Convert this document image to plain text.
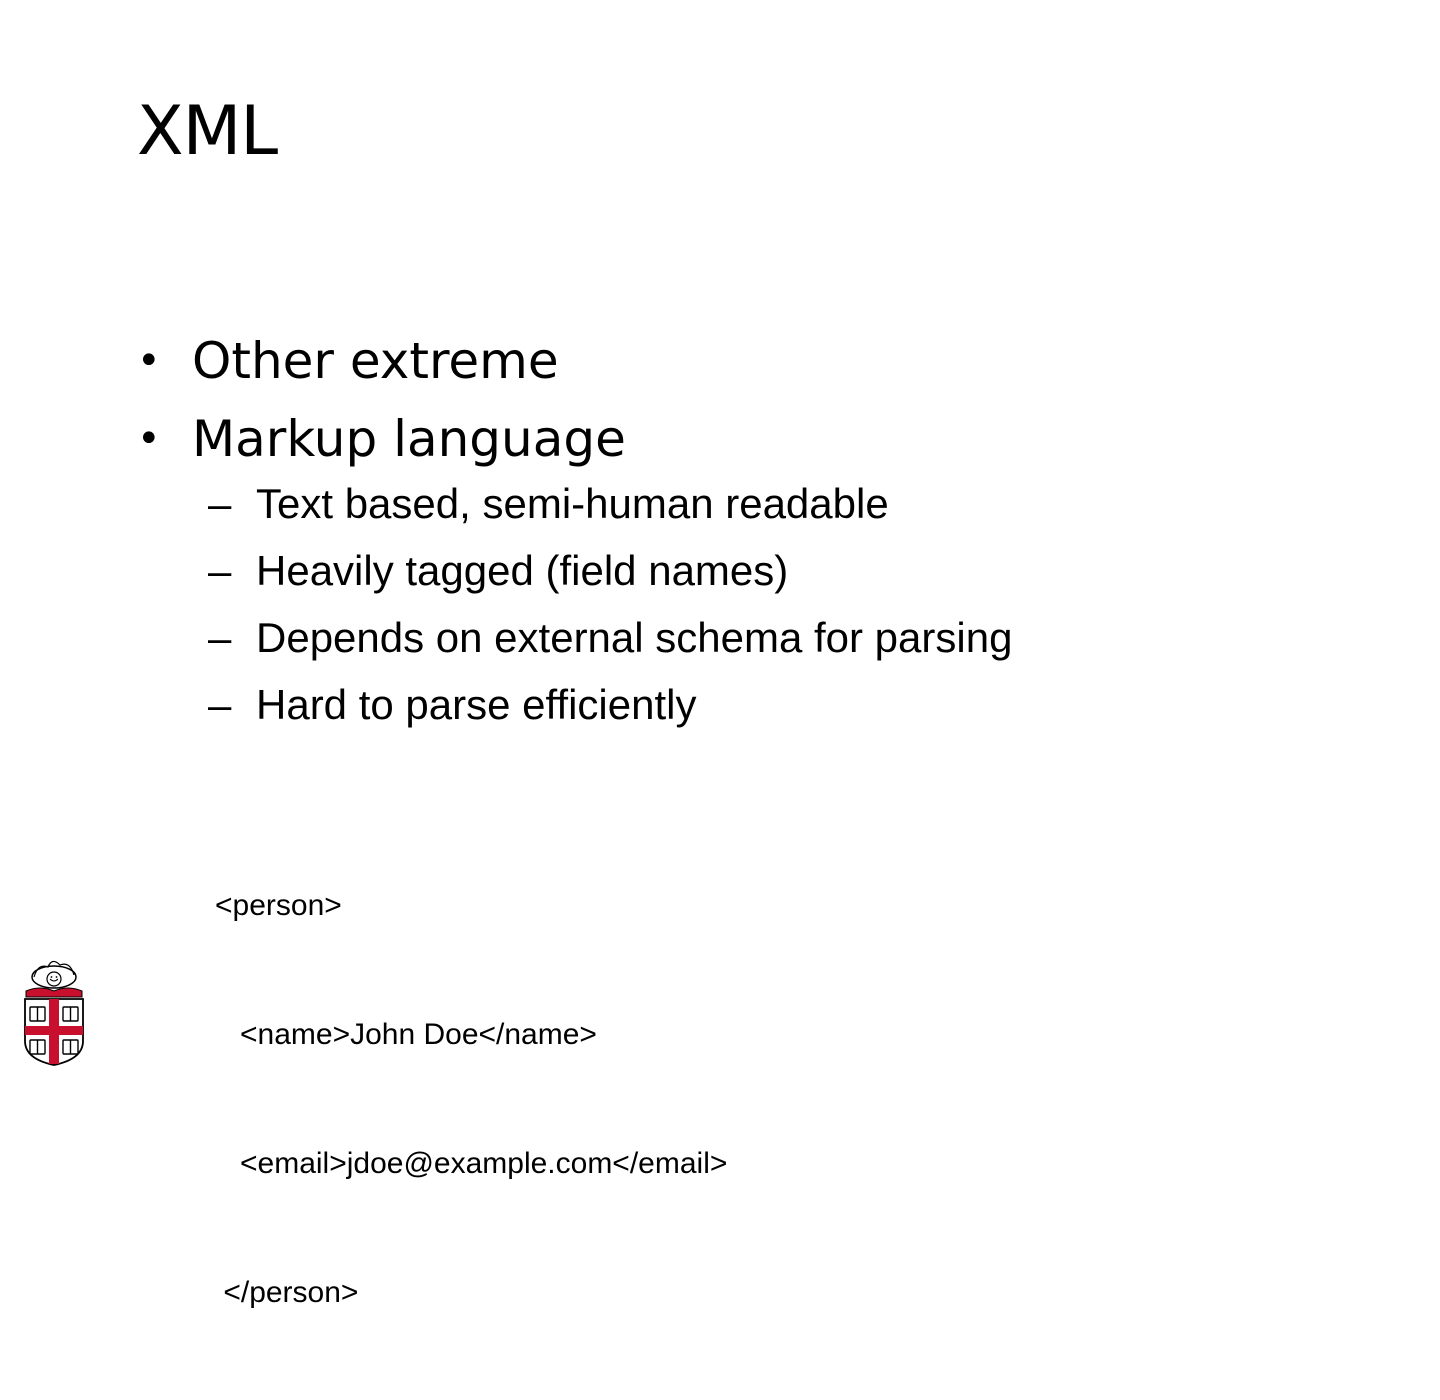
XML
• Other extreme
• Markup language
– Text based, semi-human readable
– Heavily tagged (field names)
– Depends on external schema for parsing
– Hard to parse efficiently

<person>

<name>John Doe</name>

<email>jdoe@example.com</email>

</person>
